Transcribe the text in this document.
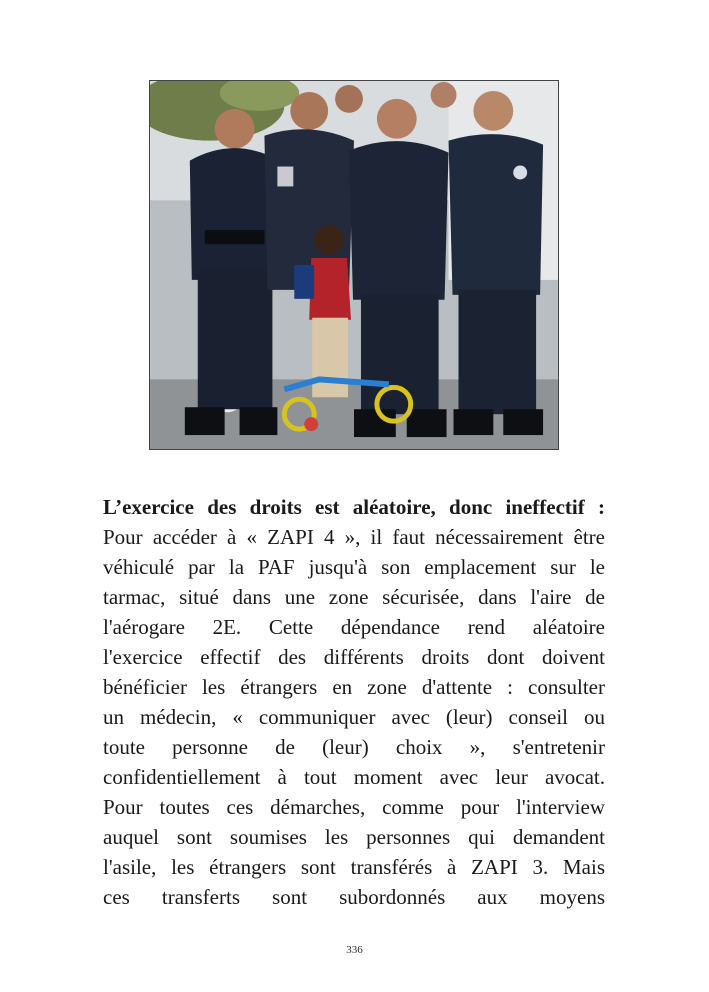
L’exercice des droits est aléatoire, donc ineffectif :
Pour accéder à « ZAPI 4 », il faut nécessairement être
véhiculé par la PAF jusqu'à son emplacement sur le
tarmac, situé dans une zone sécurisée, dans l'aire de
l'aérogare 2E. Cette dépendance rend aléatoire
l'exercice effectif des différents droits dont doivent
bénéficier les étrangers en zone d'attente : consulter
un médecin, « communiquer avec (leur) conseil ou
toute personne de (leur) choix », s'entretenir
confidentiellement à tout moment avec leur avocat.
Pour toutes ces démarches, comme pour l'interview
auquel sont soumises les personnes qui demandent
l'asile, les étrangers sont transférés à ZAPI 3. Mais
ces transferts sont subordonnés aux moyens
336
